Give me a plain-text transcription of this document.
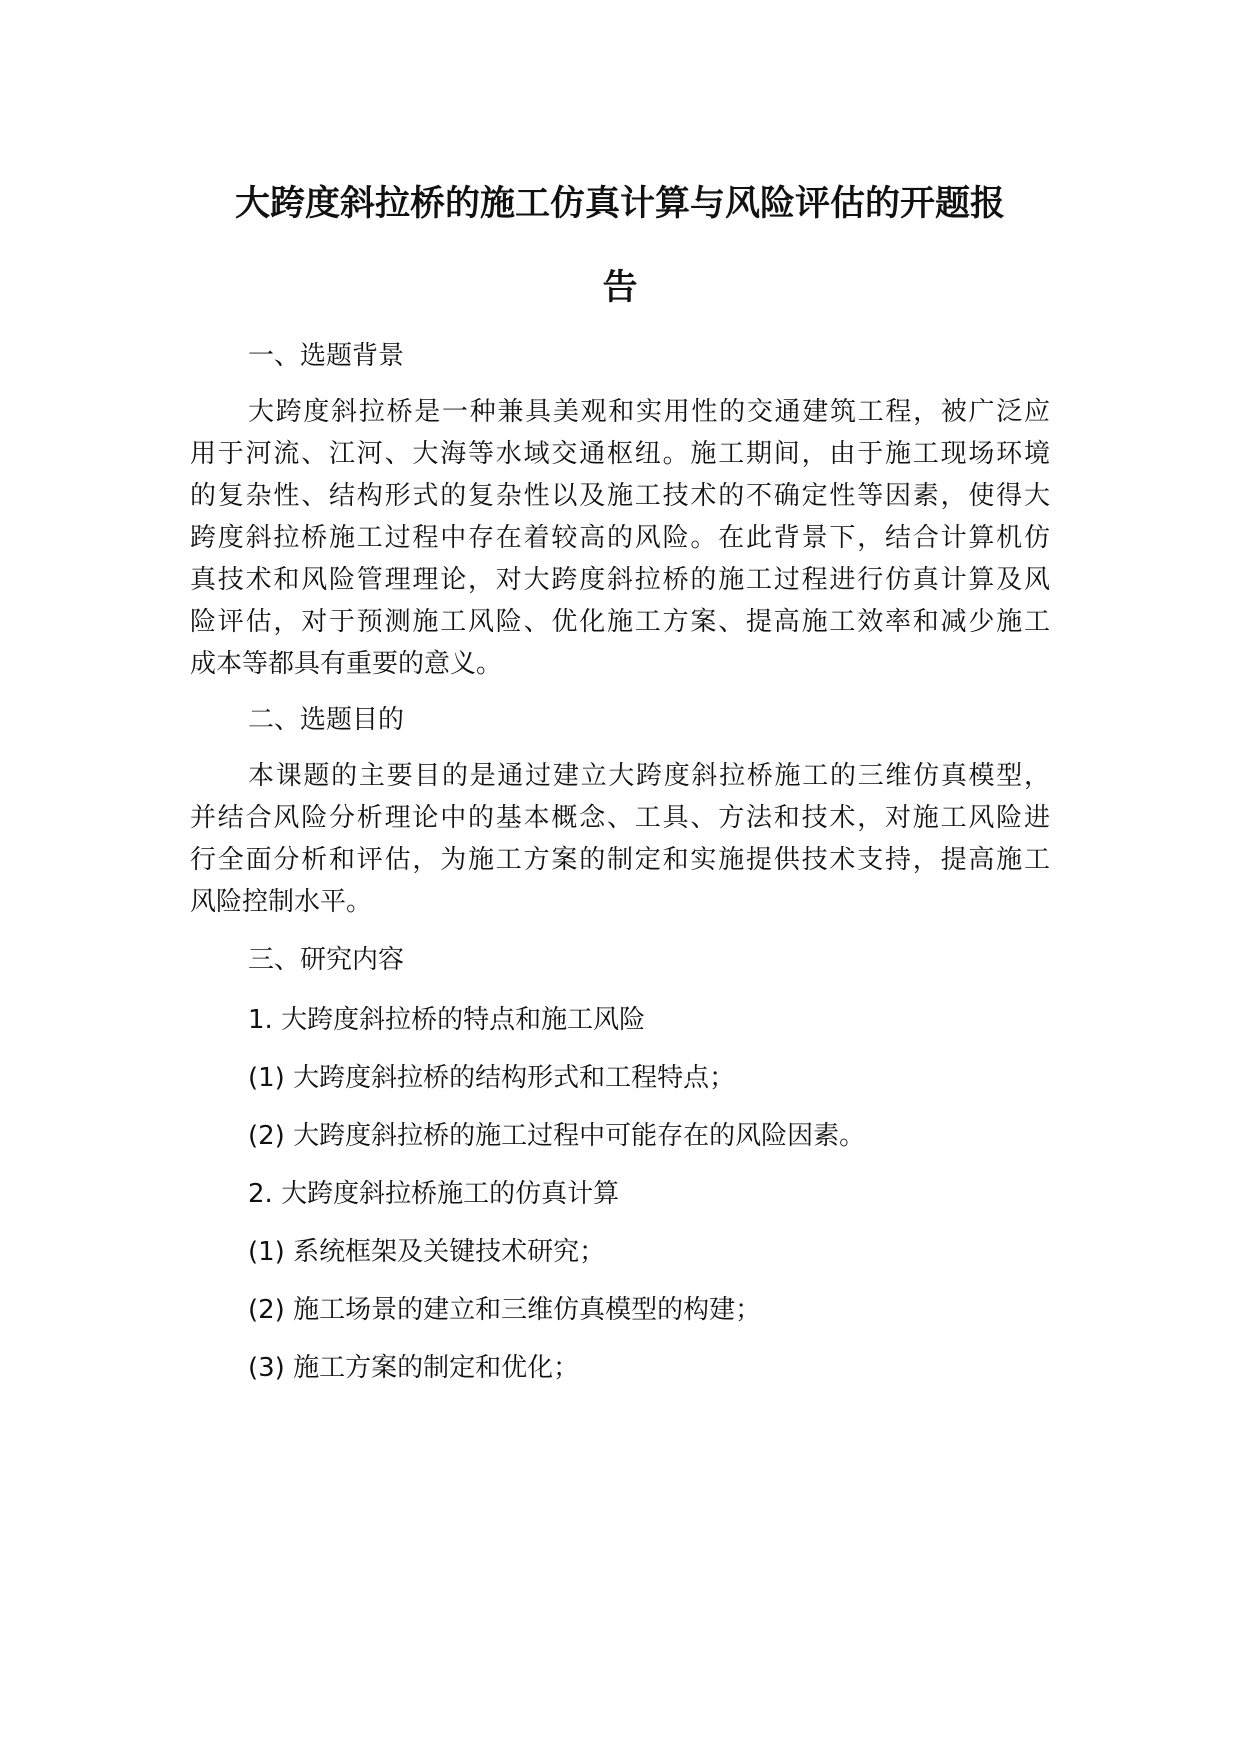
大跨度斜拉桥的施工仿真计算与风险评估的开题报
告

一、选题背景

大跨度斜拉桥是一种兼具美观和实用性的交通建筑工程，被广泛应

用于河流、江河、大海等水域交通枢纽。施工期间，由于施工现场环境

的复杂性、结构形式的复杂性以及施工技术的不确定性等因素，使得大

跨度斜拉桥施工过程中存在着较高的风险。在此背景下，结合计算机仿

真技术和风险管理理论，对大跨度斜拉桥的施工过程进行仿真计算及风

险评估，对于预测施工风险、优化施工方案、提高施工效率和减少施工

成本等都具有重要的意义。

二、选题目的

本课题的主要目的是通过建立大跨度斜拉桥施工的三维仿真模型，

并结合风险分析理论中的基本概念、工具、方法和技术，对施工风险进

行全面分析和评估，为施工方案的制定和实施提供技术支持，提高施工

风险控制水平。

三、研究内容

1. 大跨度斜拉桥的特点和施工风险

(1) 大跨度斜拉桥的结构形式和工程特点；

(2) 大跨度斜拉桥的施工过程中可能存在的风险因素。

2. 大跨度斜拉桥施工的仿真计算

(1) 系统框架及关键技术研究；

(2) 施工场景的建立和三维仿真模型的构建；

(3) 施工方案的制定和优化；
